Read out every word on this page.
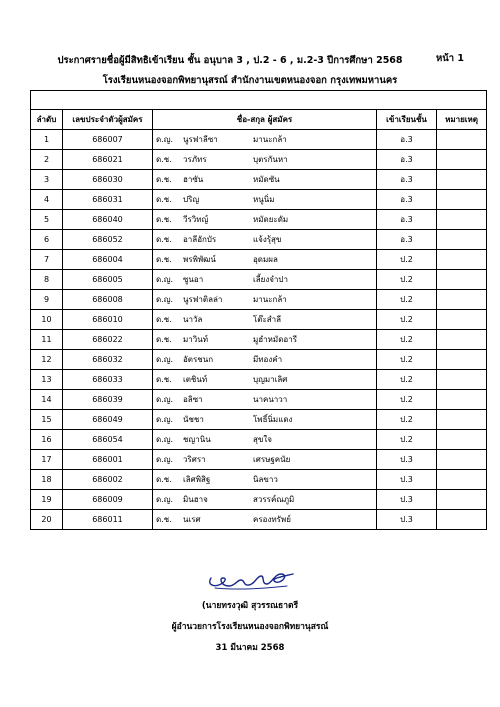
ประกาศรายชื่อผู้มีสิทธิเข้าเรียน ชั้น อนุบาล 3 , ป.2 - 6 , ม.2-3 ปีการศึกษา 2568	หน้า 1
โรงเรียนหนองจอกพิทยานุสรณ์ สำนักงานเขตหนองจอก กรุงเทพมหานคร

ลำดับ	เลขประจำตัวผู้สมัคร	ชื่อ-สกุล ผู้สมัคร	เข้าเรียนชั้น	หมายเหตุ
1	686007	ด.ญ. นูรฟาลีซา มานะกล้า	อ.3	
2	686021	ด.ช. วรภัทร บุตรกันหา	อ.3	
3	686030	ด.ช. ฮาซัน หมัดซัน	อ.3	
4	686031	ด.ช. ปริญ หนูนิ่ม	อ.3	
5	686040	ด.ช. วีรวิทญ์ หมัดยะดัม	อ.3	
6	686052	ด.ช. อาลีอักบัร แจ้งรุ้สุข	อ.3	
7	686004	ด.ช. พรพิพัฒน์ อุดมผล	ป.2	
8	686005	ด.ญ. ซูนอา เลี้ยงจำปา	ป.2	
9	686008	ด.ญ. นูรฟาติลล่า มานะกล้า	ป.2	
10	686010	ด.ช. นาวัล โต๊ะสำลี	ป.2	
11	686022	ด.ช. มาวินท์ มูฮำหมัดอารี	ป.2	
12	686032	ด.ญ. อัตรชนก มีทองคำ	ป.2	
13	686033	ด.ช. เตชินท์ บุญมาเลิศ	ป.2	
14	686039	ด.ญ. อลิซา นาคนาวา	ป.2	
15	686049	ด.ญ. นัชชา โพธิ์นิ่มแดง	ป.2	
16	686054	ด.ญ. ชญานิน สุขใจ	ป.2	
17	686001	ด.ญ. วริศรา เศรษฐคนัย	ป.3	
18	686002	ด.ช. เลิศพิสิฐ นิลขาว	ป.3	
19	686009	ด.ญ. มินฮาจ สวรรค์ณภูมิ	ป.3	
20	686011	ด.ช. นเรศ ครองทรัพย์	ป.3	
(นายทรงวุฒิ สุวรรณธาตรี
ผู้อำนวยการโรงเรียนหนองจอกพิทยานุสรณ์
31 มีนาคม 2568
